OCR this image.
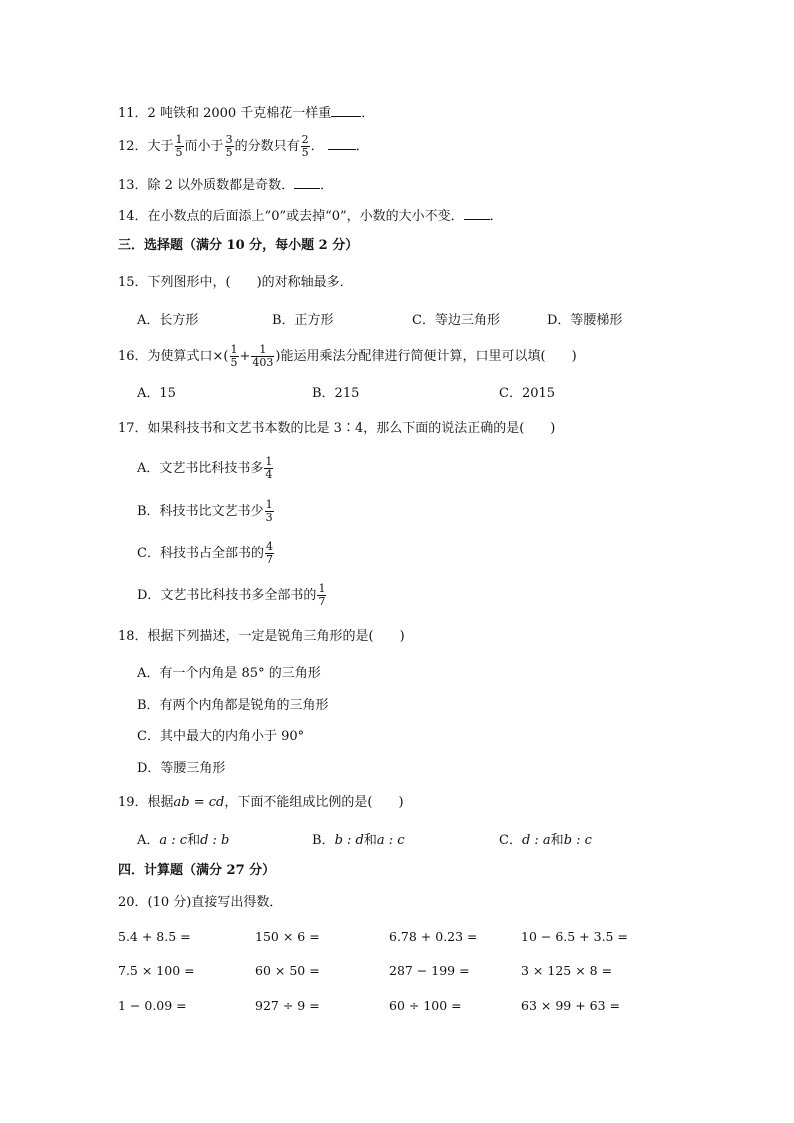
11．2 吨铁和 2000 千克棉花一样重 ．
12．大于 $\frac{1}{5}$ 而小于 $\frac{3}{5}$ 的分数只有 $\frac{2}{5}$ ． ．
13．除 2 以外质数都是奇数． ．
14．在小数点的后面添上“0”或去掉“0”，小数的大小不变． ．
三．选择题（满分 10 分，每小题 2 分）
15．下列图形中，(　　)的对称轴最多．
A．长方形	B．正方形	C．等边三角形	D．等腰梯形
16．为使算式口×( $\frac{1}{5} + \frac{1}{403}$ )能运用乘法分配律进行简便计算，口里可以填(　　)
A．15	B．215	C．2015
17．如果科技书和文艺书本数的比是 3∶4，那么下面的说法正确的是(　　)
A．文艺书比科技书多 $\frac{1}{4}$
B．科技书比文艺书少 $\frac{1}{3}$
C．科技书占全部书的 $\frac{4}{7}$
D．文艺书比科技书多全部书的 $\frac{1}{7}$
18．根据下列描述，一定是锐角三角形的是(　　)
A．有一个内角是 85° 的三角形
B．有两个内角都是锐角的三角形
C．其中最大的内角小于 90°
D．等腰三角形
19．根据ab = cd，下面不能组成比例的是(　　)
A．a : c和d : b	B．b : d和a : c	C．d : a和b : c
四．计算题（满分 27 分）
20．(10 分)直接写出得数．
5.4 + 8.5 =	150 × 6 =	6.78 + 0.23 =	10 − 6.5 + 3.5 =
7.5 × 100 =	60 × 50 =	287 − 199 =	3 × 125 × 8 =
1 − 0.09 =	927 ÷ 9 =	60 ÷ 100 =	63 × 99 + 63 =
